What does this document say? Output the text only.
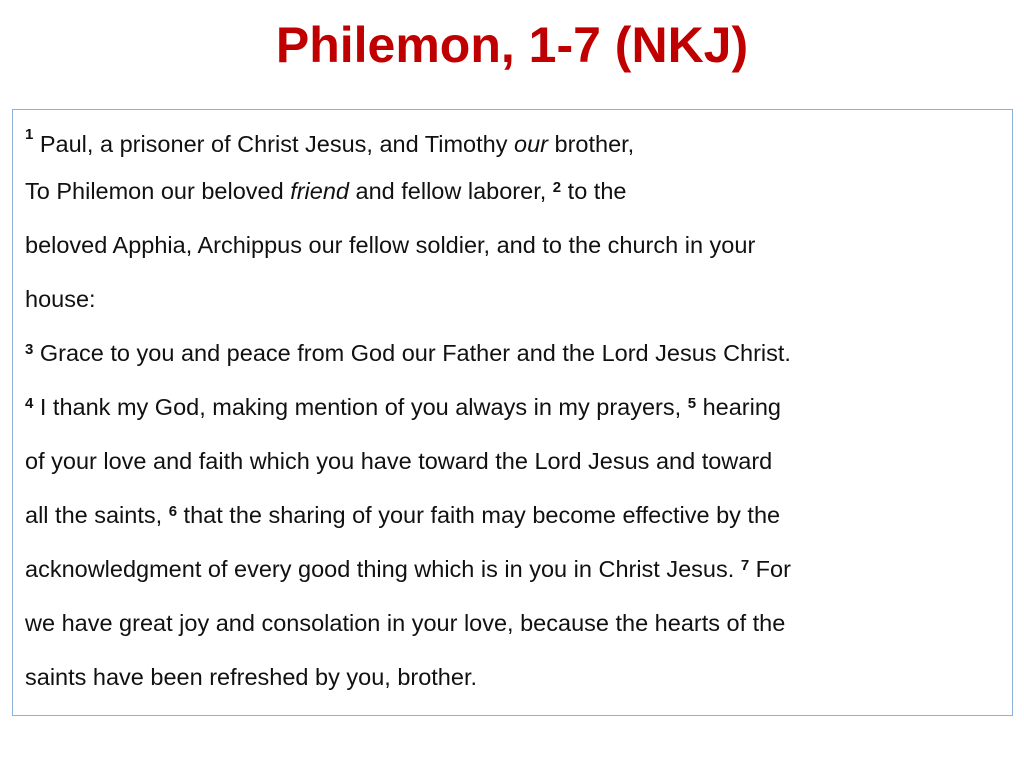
Philemon, 1-7 (NKJ)
$^1$ Paul, a prisoner of Christ Jesus, and Timothy our brother,
To Philemon our beloved friend and fellow laborer, $^2$ to the
beloved Apphia, Archippus our fellow soldier, and to the church in your
house:
$^3$ Grace to you and peace from God our Father and the Lord Jesus Christ.
$^4$ I thank my God, making mention of you always in my prayers, $^5$ hearing
of your love and faith which you have toward the Lord Jesus and toward
all the saints, $^6$ that the sharing of your faith may become effective by the
acknowledgment of every good thing which is in you in Christ Jesus. $^7$ For
we have great joy and consolation in your love, because the hearts of the
saints have been refreshed by you, brother.
